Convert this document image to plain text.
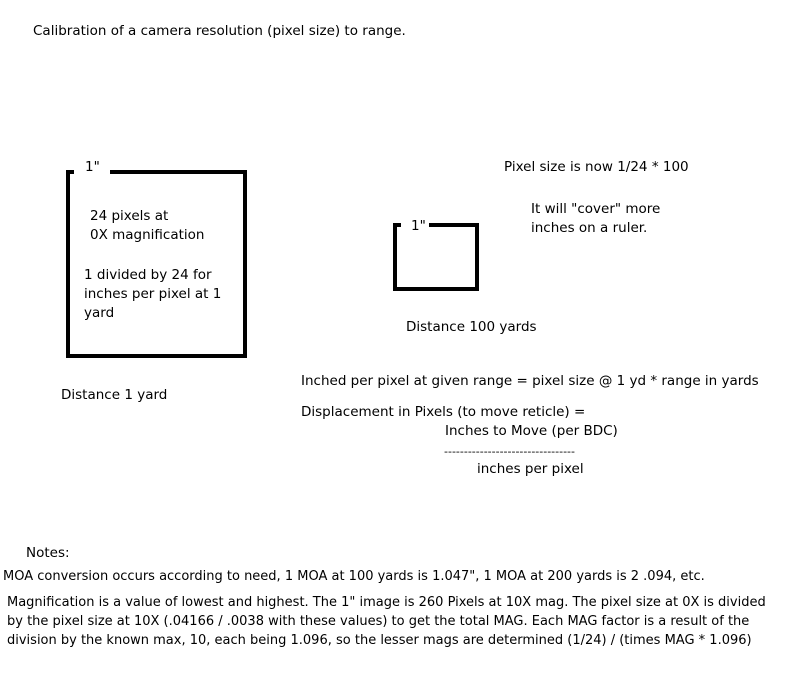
Calibration of a camera resolution (pixel size) to range.
1"
24 pixels at
0X magnification
1 divided by 24 for
inches per pixel at 1
yard
Distance 1 yard
1"
Distance 100 yards
Pixel size is now 1/24 * 100
It will "cover" more
inches on a ruler.
Inched per pixel at given range = pixel size @ 1 yd * range in yards
Displacement in Pixels (to move reticle) =
Inches to Move (per BDC)
---------------------------------
inches per pixel
Notes:
MOA conversion occurs according to need, 1 MOA at 100 yards is 1.047", 1 MOA at 200 yards is 2 .094, etc.
Magnification is a value of lowest and highest. The 1" image is 260 Pixels at 10X mag. The pixel size at 0X is divided
by the pixel size at 10X (.04166 / .0038 with these values) to get the total MAG. Each MAG factor is a result of the
division by the known max, 10, each being 1.096, so the lesser mags are determined (1/24) / (times MAG * 1.096)
